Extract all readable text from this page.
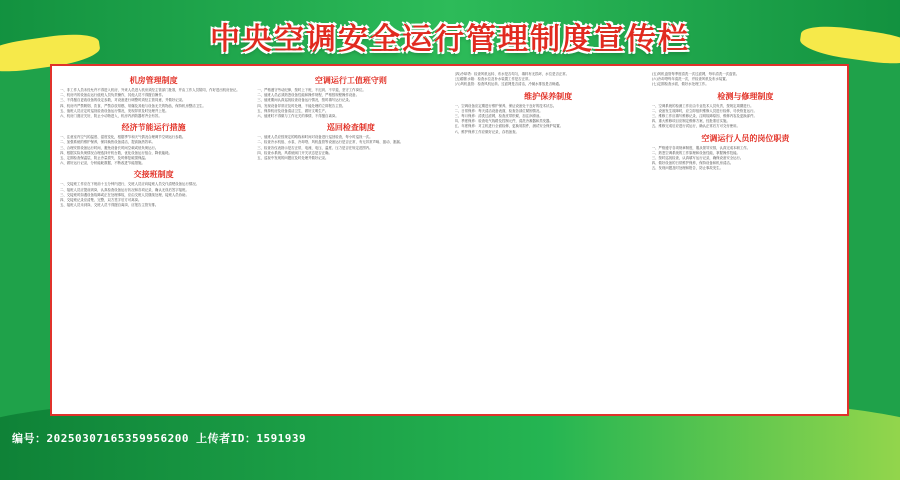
中央空调安全运行管理制度宣传栏
机房管理制度

一、非工作人员未经允许不得进入机房，外来人员进入机房须经主管部门批准，并由工作人员陪同，作好进出机房登记。

二、机房内的设备由运行值班人员负责操作，其他人员不得擅自操作。

三、不得擅自更改设备的设定参数，对设备进行调整时须经主管同意，并做好记录。

四、机房内严禁吸烟、饮食，严禁存放易燃、易爆及其他与设备无关的物品，保持机房整洁卫生。

五、值班人员应定时巡视检查设备运行情况，发现异常及时处理并上报。

六、机房门窗应关好，防止小动物进入，机房内消防器材齐全有效。

经济节能运行措施

一、注意室内空气的温度、湿度变化，根据季节和天气情况合理调节空调运行参数。

二、加强系统的维护保养，保持换热设备清洁，提高换热效率。

三、合理安排设备运行时间，避免设备长时间空载或低负荷运行。

四、根据实际负荷情况合理选择开机台数，优化设备运行组合，降低能耗。

五、定期检查保温层，防止冷量损失，及时修复破损保温。

六、做好运行记录，分析能耗数据，不断改进节能措施。

交接班制度

一、交接班工作应在下班前十五分钟内进行，交班人员应向接班人员交代清楚设备运行情况。

二、接班人员应提前到岗，认真检查设备运行状况和各项记录，确认无误后签字接班。

三、交接班时如遇设备故障或正在处理事故，应由交班人员继续处理，接班人员协助。

四、交接班记录应清楚、完整，双方签字后方可离岗。

五、接班人员未到岗，交班人员不得擅自离岗，应报告主管安排。

空调运行工值班守则

一、严格遵守劳动纪律，按时上下班，不迟到、不早退，坚守工作岗位。

二、值班人员必须熟悉设备性能和操作规程，严格按规程操作设备。

三、值班期间认真巡视检查设备运行情况，按时填写运行记录。

四、发现设备异常应及时处理，不能处理的立即报告主管。

五、保持机房及设备清洁卫生，做好文明生产。

六、值班时不得做与工作无关的事情，不得擅自离岗。

巡回检查制度

一、值班人员应按规定的路线和时间对设备进行巡回检查，每小时巡视一次。

二、检查冷水机组、水泵、冷却塔、风机盘管等设备运行是否正常，有无异常声响、振动、泄漏。

三、检查各仪表指示是否正常，电流、电压、温度、压力是否在规定范围内。

四、检查水系统、风系统阀门开关状态是否正确。

五、巡视中发现的问题应及时处理并做好记录。

(四)冷却塔：检查风机运转、布水是否均匀，填料有无损坏，水位是否正常。

(五)膨胀水箱：检查水位及补水装置工作是否正常。

(六)风机盘管：检查风机运转、过滤网是否清洁，冷凝水排放是否畅通。

维护保养制度

一、空调设备应定期进行维护保养，保证设备处于良好的技术状态。

二、日常保养：每天清洁设备表面，检查各部位紧固情况。

三、每月保养：清洗过滤网，检查皮带松紧，加注润滑油。

四、季度保养：检查电气线路及控制元件，清洗冷凝器和蒸发器。

五、年度保养：对主机进行全面检修，更换易损件，测试安全保护装置。

六、维护保养工作应做好记录，存档备查。

(五)风机盘管每季度清洗一次过滤网，每年清洗一次盘管。

(六)冷却塔每年清洗一次，并检查风机及布水装置。

(七)定期检查水质，做好水处理工作。

检测与修理制度

一、空调系统的检测工作应由专业技术人员负责，按规定周期进行。

二、设备发生故障时，应立即组织维修人员进行检修，尽快恢复运行。

三、维修工作应填写维修记录，注明故障原因、维修内容及更换部件。

四、重大维修项目应制定维修方案，经批准后实施。

五、维修完成后应进行试运行，确认正常后方可交付使用。

空调运行人员的岗位职责

一、严格遵守各项规章制度，服从领导安排，认真完成本职工作。

二、熟悉空调系统的工作原理和设备性能，掌握操作技能。

三、按时巡视检查，认真填写运行记录，确保设备安全运行。

四、做好设备的日常维护保养，保持设备和机房清洁。

五、发现问题及时处理和报告，防止事故发生。

编号：20250307165359956200 上传者ID：1591939
